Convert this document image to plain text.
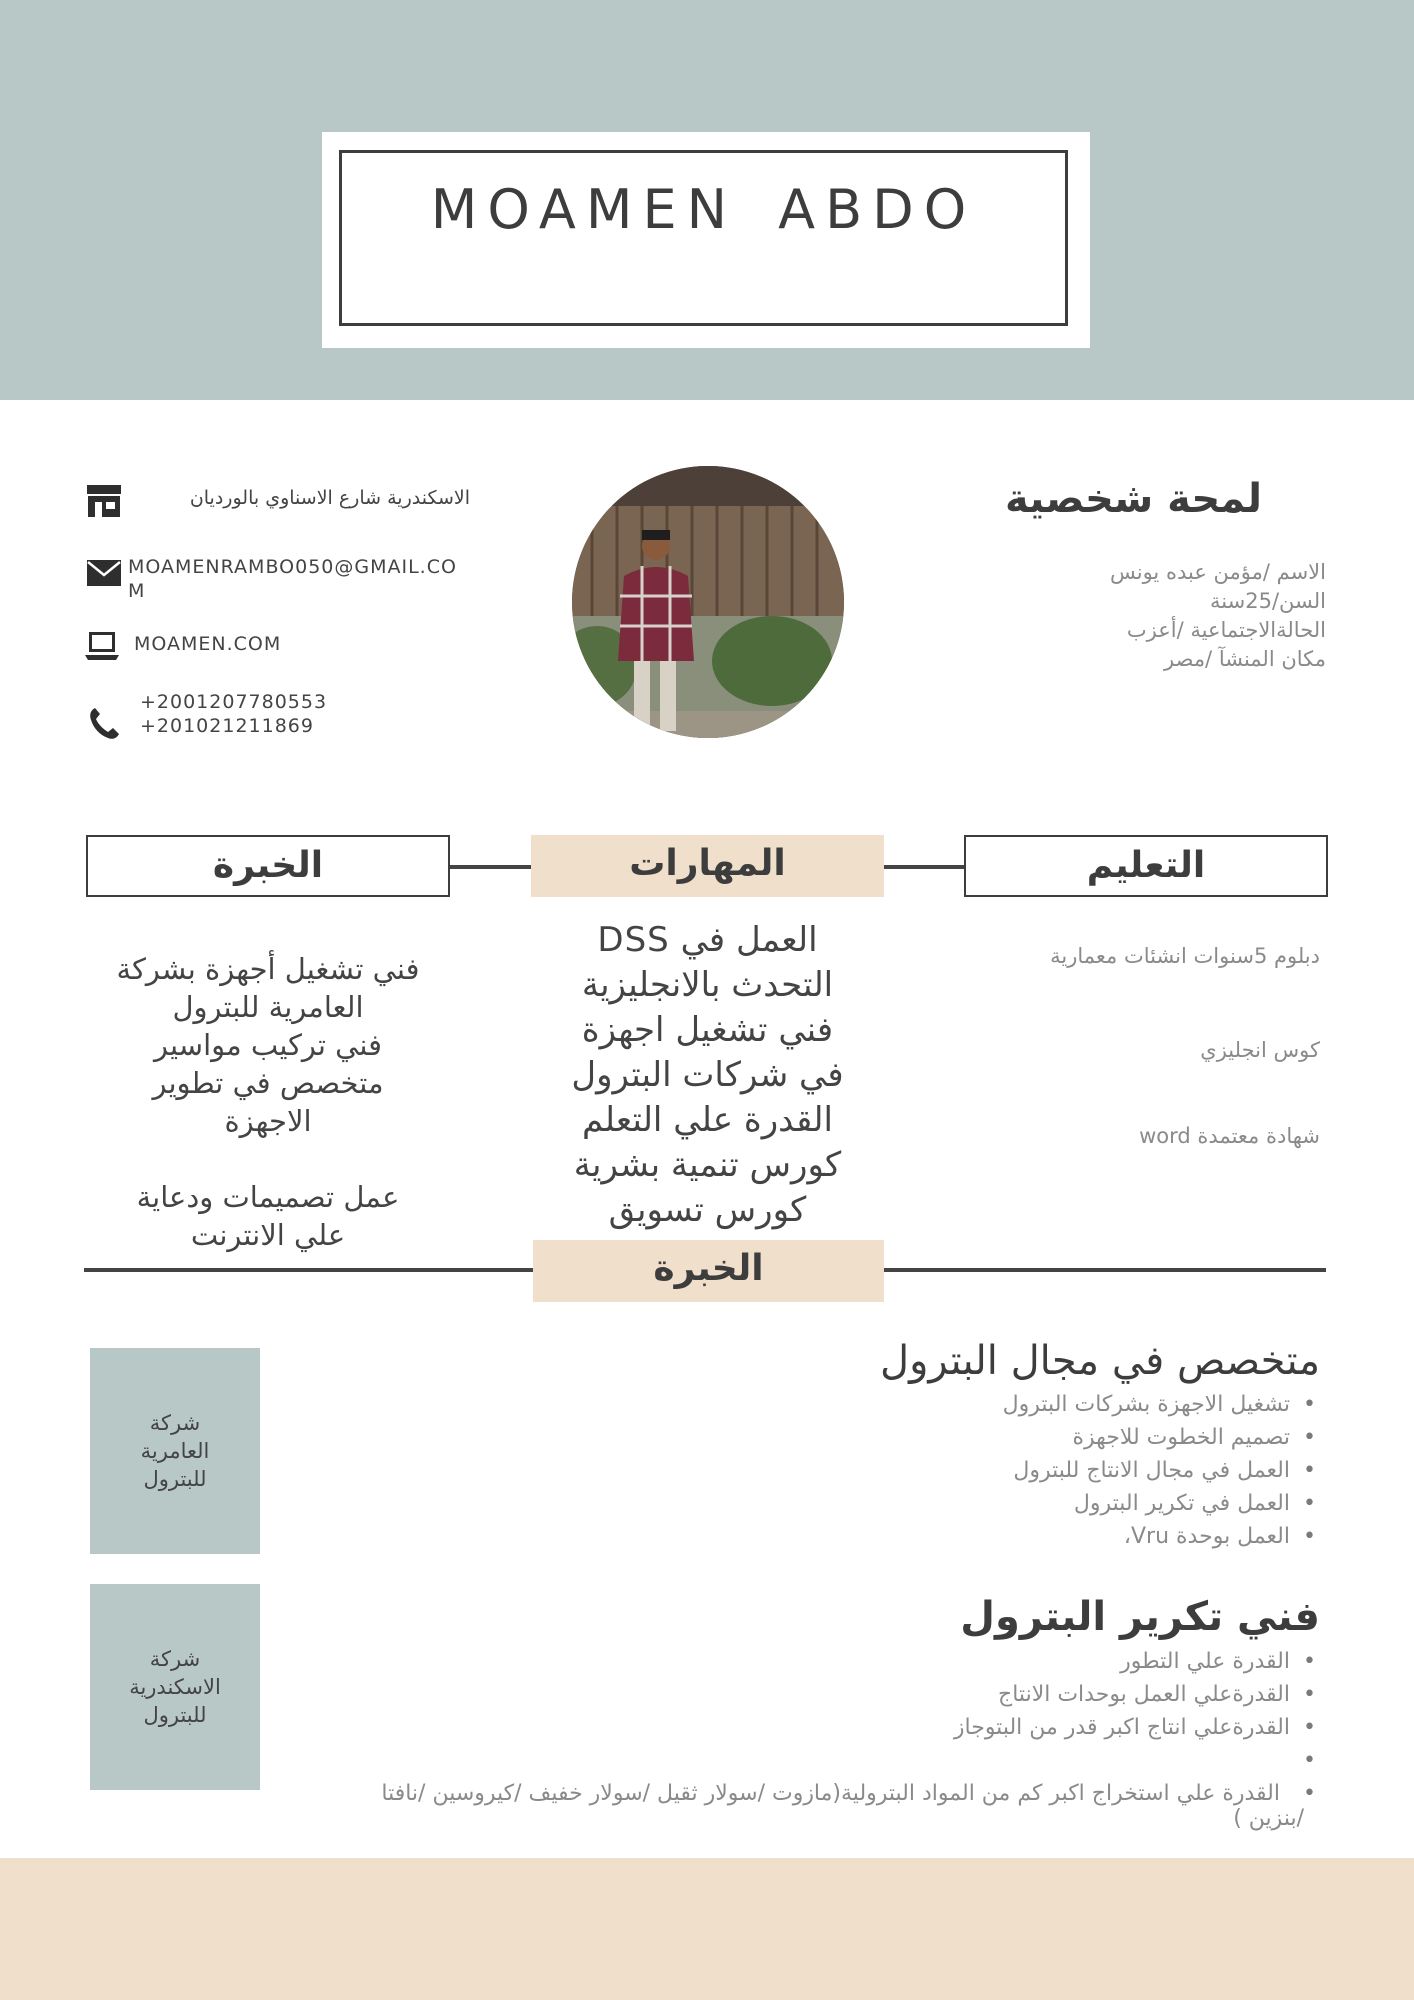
MOAMEN ABDO
الاسكندرية شارع الاسناوي بالورديان
MOAMENRAMBO050@GMAIL.CO
M
MOAMEN.COM
+2001207780553
+201021211869
لمحة شخصية
الاسم /مؤمن عبده يونس
السن/25سنة
الحالةالاجتماعية /أعزب
مكان المنشآ /مصر
الخبرة	المهارات	التعليم
فني تشغيل أجهزة بشركة
العامرية للبترول
فني تركيب مواسير
متخصص في تطوير
الاجهزة
عمل تصميمات ودعاية
علي الانترنت
العمل في DSS
التحدث بالانجليزية
فني تشغيل اجهزة
في شركات البترول
القدرة علي التعلم
كورس تنمية بشرية
كورس تسويق
دبلوم 5سنوات انشئات معمارية
كوس انجليزي
شهادة معتمدة word
الخبرة
شركة
العامرية
للبترول
متخصص في مجال البترول
• تشغيل الاجهزة بشركات البترول
• تصميم الخطوت للاجهزة
• العمل في مجال الانتاج للبترول
• العمل في تكرير البترول
• العمل بوحدة Vru،
شركة
الاسكندرية
للبترول
فني تكرير البترول
• القدرة علي التطور
• القدرةعلي العمل بوحدات الانتاج
• القدرةعلي انتاج اكبر قدر من البتوجاز
•
• القدرة علي استخراج اكبر كم من المواد البترولية(مازوت /سولار ثقيل /سولار خفيف /كيروسين /نافتا
/بنزين )
